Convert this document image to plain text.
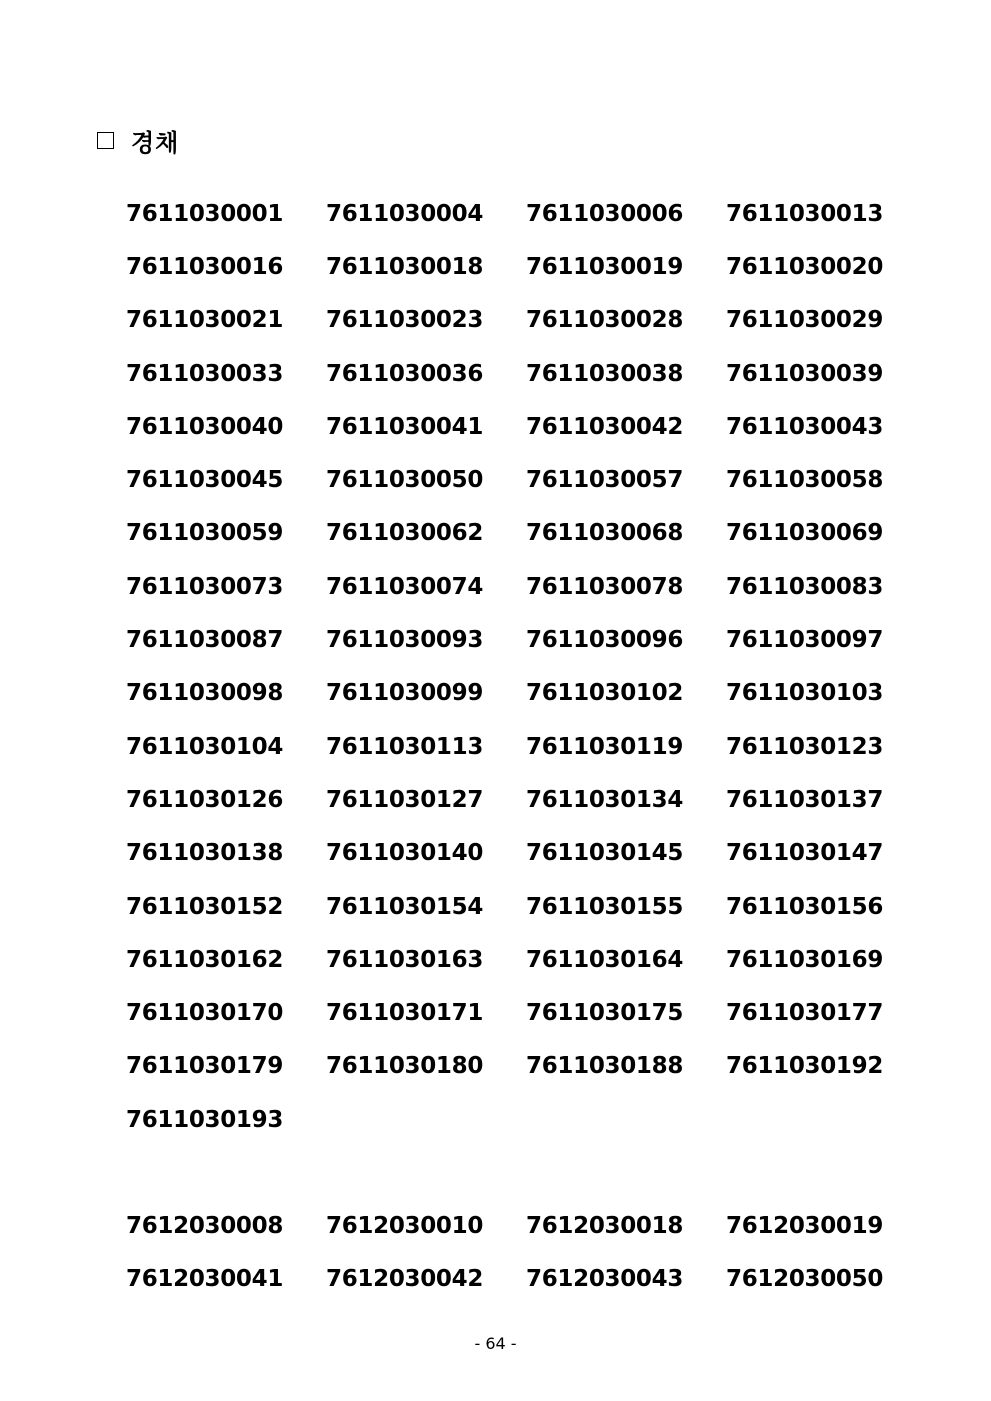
경채
7611030001	7611030004	7611030006	7611030013
7611030016	7611030018	7611030019	7611030020
7611030021	7611030023	7611030028	7611030029
7611030033	7611030036	7611030038	7611030039
7611030040	7611030041	7611030042	7611030043
7611030045	7611030050	7611030057	7611030058
7611030059	7611030062	7611030068	7611030069
7611030073	7611030074	7611030078	7611030083
7611030087	7611030093	7611030096	7611030097
7611030098	7611030099	7611030102	7611030103
7611030104	7611030113	7611030119	7611030123
7611030126	7611030127	7611030134	7611030137
7611030138	7611030140	7611030145	7611030147
7611030152	7611030154	7611030155	7611030156
7611030162	7611030163	7611030164	7611030169
7611030170	7611030171	7611030175	7611030177
7611030179	7611030180	7611030188	7611030192
7611030193
7612030008	7612030010	7612030018	7612030019
7612030041	7612030042	7612030043	7612030050
- 64 -
